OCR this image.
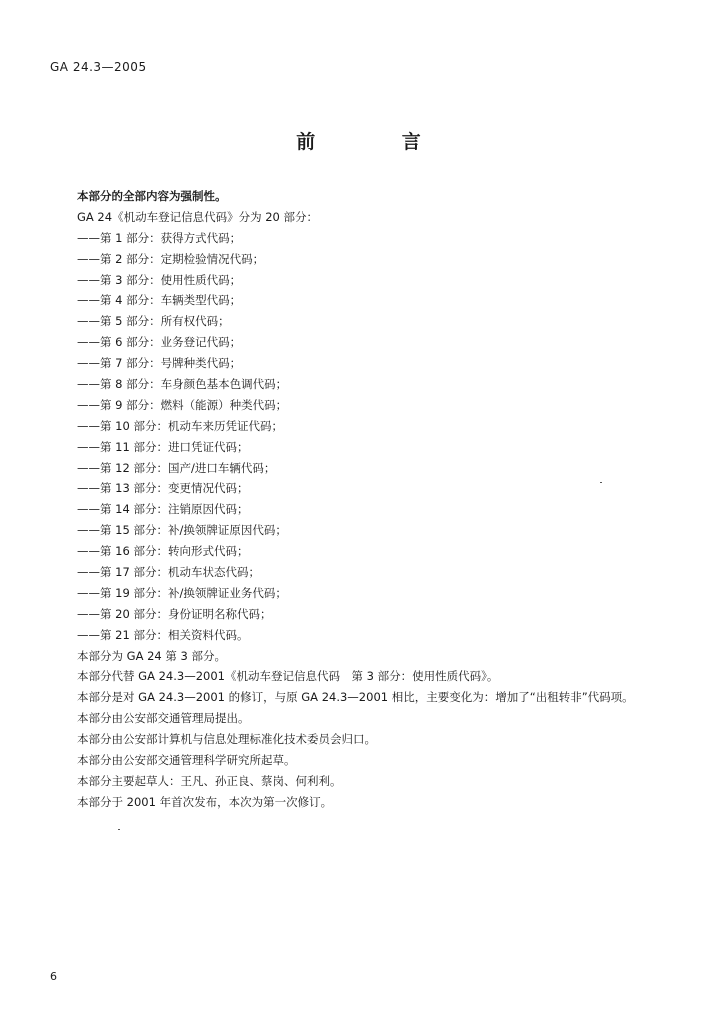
GA 24.3—2005
前 言
本部分的全部内容为强制性。
GA 24《机动车登记信息代码》分为 20 部分：
——第 1 部分：获得方式代码；
——第 2 部分：定期检验情况代码；
——第 3 部分：使用性质代码；
——第 4 部分：车辆类型代码；
——第 5 部分：所有权代码；
——第 6 部分：业务登记代码；
——第 7 部分：号牌种类代码；
——第 8 部分：车身颜色基本色调代码；
——第 9 部分：燃料（能源）种类代码；
——第 10 部分：机动车来历凭证代码；
——第 11 部分：进口凭证代码；
——第 12 部分：国产/进口车辆代码；
——第 13 部分：变更情况代码；
——第 14 部分：注销原因代码；
——第 15 部分：补/换领牌证原因代码；
——第 16 部分：转向形式代码；
——第 17 部分：机动车状态代码；
——第 19 部分：补/换领牌证业务代码；
——第 20 部分：身份证明名称代码；
——第 21 部分：相关资料代码。
本部分为 GA 24 第 3 部分。
本部分代替 GA 24.3—2001《机动车登记信息代码　第 3 部分：使用性质代码》。
本部分是对 GA 24.3—2001 的修订，与原 GA 24.3—2001 相比，主要变化为：增加了“出租转非”代码项。
本部分由公安部交通管理局提出。
本部分由公安部计算机与信息处理标准化技术委员会归口。
本部分由公安部交通管理科学研究所起草。
本部分主要起草人：王凡、孙正良、蔡岗、何利利。
本部分于 2001 年首次发布，本次为第一次修订。
6
